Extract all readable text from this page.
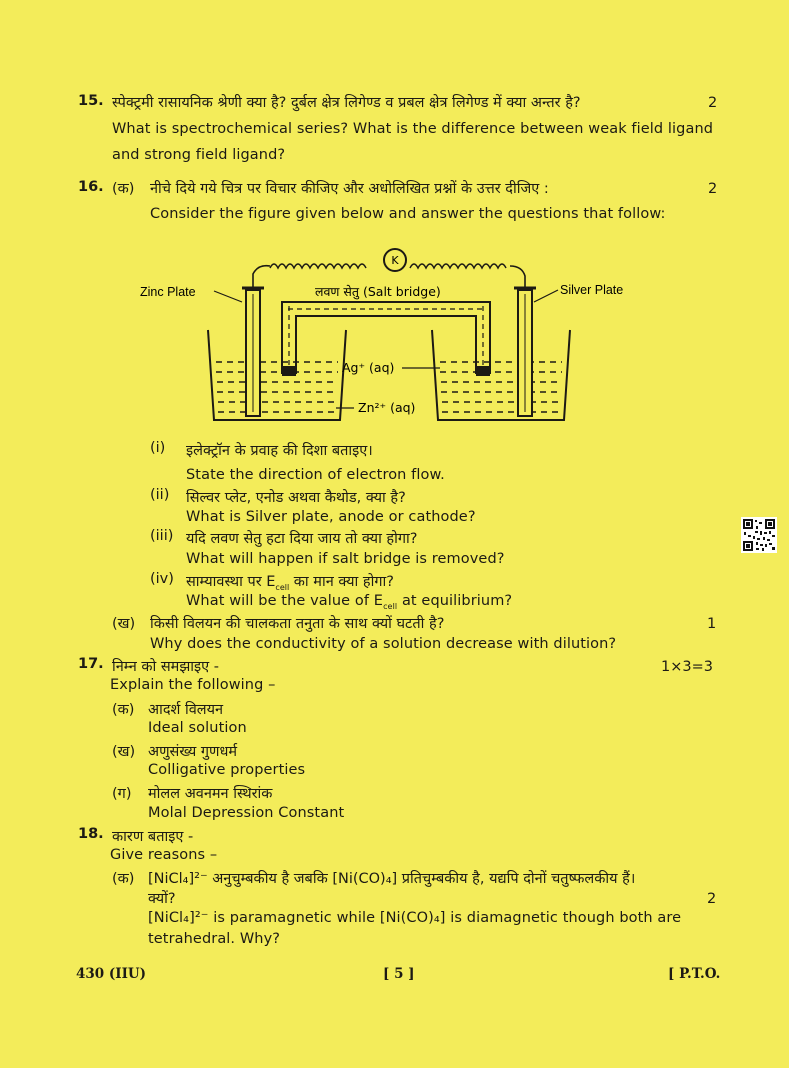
15. स्पेक्ट्रमी रासायनिक श्रेणी क्या है? दुर्बल क्षेत्र लिगेण्ड व प्रबल क्षेत्र लिगेण्ड में क्या अन्तर है?	2
What is spectrochemical series? What is the difference between weak field ligand
and strong field ligand?
16. (क) नीचे दिये गये चित्र पर विचार कीजिए और अधोलिखित प्रश्नों के उत्तर दीजिए :	2
Consider the figure given below and answer the questions that follow:
K
Zinc Plate	लवण सेतु (Salt bridge)	Silver Plate
Ag⁺ (aq)
Zn²⁺ (aq)
(i) इलेक्ट्रॉन के प्रवाह की दिशा बताइए।
State the direction of electron flow.
(ii) सिल्वर प्लेट, एनोड अथवा कैथोड, क्या है?
What is Silver plate, anode or cathode?
(iii) यदि लवण सेतु हटा दिया जाय तो क्या होगा?
What will happen if salt bridge is removed?
(iv) साम्यावस्था पर $E_{cell}$ का मान क्या होगा?
What will be the value of $E_{cell}$ at equilibrium?
(ख) किसी विलयन की चालकता तनुता के साथ क्यों घटती है?	1
Why does the conductivity of a solution decrease with dilution?
17. निम्न को समझाइए -	1×3=3
Explain the following –
(क) आदर्श विलयन
Ideal solution
(ख) अणुसंख्य गुणधर्म
Colligative properties
(ग) मोलल अवनमन स्थिरांक
Molal Depression Constant
18. कारण बताइए -
Give reasons –
(क) [NiCl₄]²⁻ अनुचुम्बकीय है जबकि [Ni(CO)₄] प्रतिचुम्बकीय है, यद्यपि दोनों चतुष्फलकीय हैं।
क्यों?	2
[NiCl₄]²⁻ is paramagnetic while [Ni(CO)₄] is diamagnetic though both are
tetrahedral. Why?
430 (IIU)	[ 5 ]	[ P.T.O.
